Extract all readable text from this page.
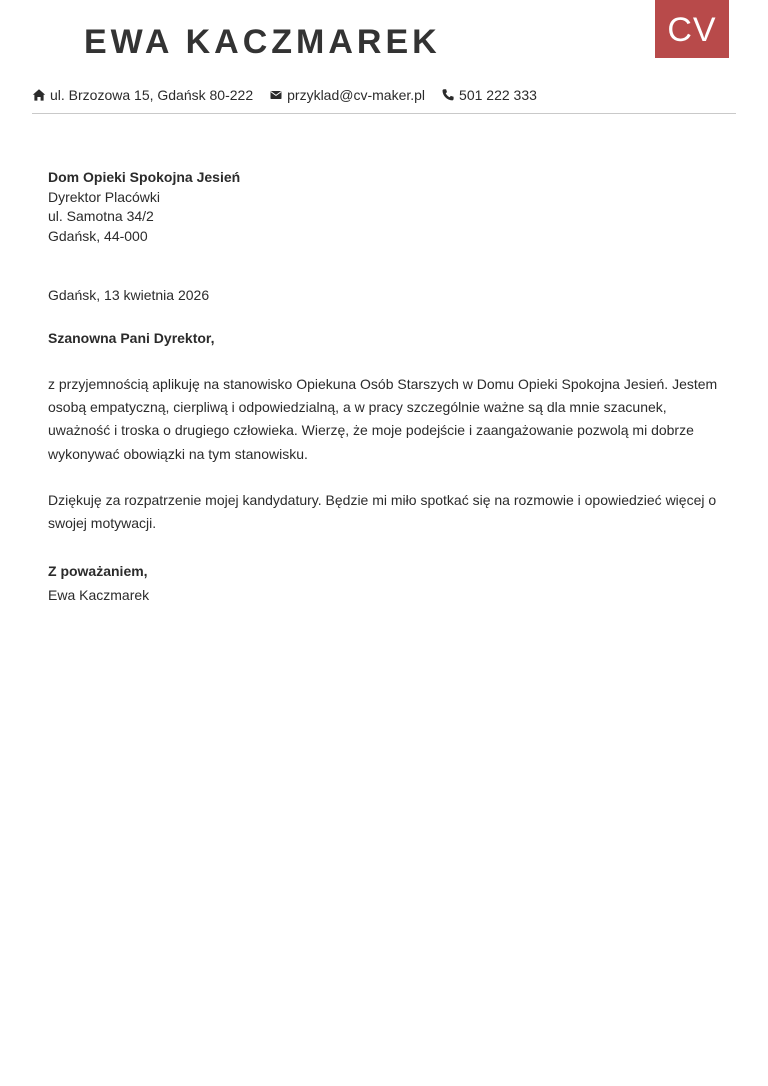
EWA KACZMAREK	CV
ul. Brzozowa 15, Gdańsk 80-222 przyklad@cv-maker.pl 501 222 333
Dom Opieki Spokojna Jesień
Dyrektor Placówki
ul. Samotna 34/2
Gdańsk, 44-000
Gdańsk, 13 kwietnia 2026
Szanowna Pani Dyrektor,
z przyjemnością aplikuję na stanowisko Opiekuna Osób Starszych w Domu Opieki Spokojna Jesień. Jestem osobą empatyczną, cierpliwą i odpowiedzialną, a w pracy szczególnie ważne są dla mnie szacunek, uważność i troska o drugiego człowieka. Wierzę, że moje podejście i zaangażowanie pozwolą mi dobrze wykonywać obowiązki na tym stanowisku.
Dziękuję za rozpatrzenie mojej kandydatury. Będzie mi miło spotkać się na rozmowie i opowiedzieć więcej o swojej motywacji.
Z poważaniem,
Ewa Kaczmarek
